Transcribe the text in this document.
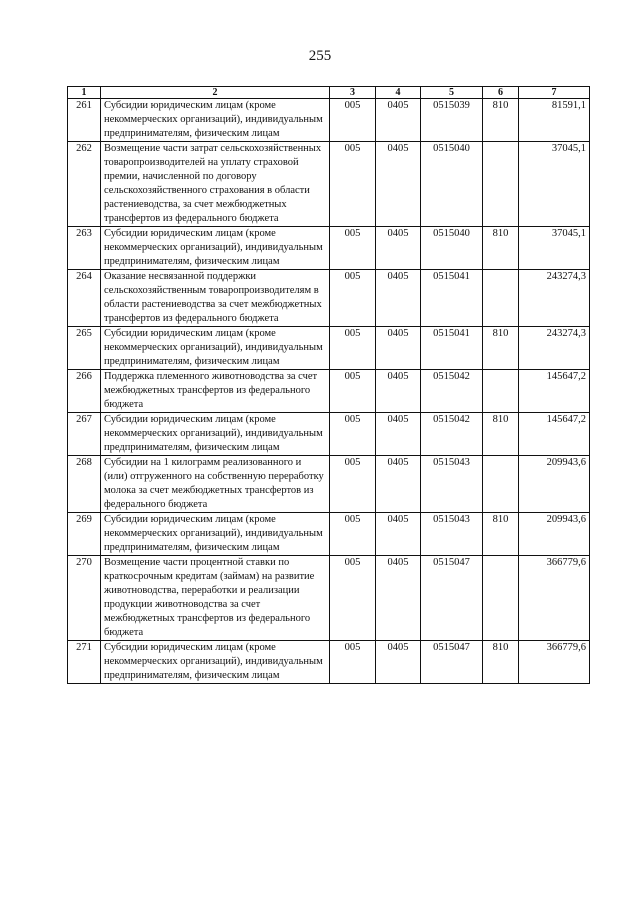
255
1	2	3	4	5	6	7
261	Субсидии юридическим лицам (кроме некоммерческих организаций), индивидуальным предпринимателям, физическим лицам	005	0405	0515039	810	81591,1
262	Возмещение части затрат сельскохозяйственных товаропроизводителей на уплату страховой премии, начисленной по договору сельскохозяйственного страхования в области растениеводства, за счет межбюджетных трансфертов из федерального бюджета	005	0405	0515040		37045,1
263	Субсидии юридическим лицам (кроме некоммерческих организаций), индивидуальным предпринимателям, физическим лицам	005	0405	0515040	810	37045,1
264	Оказание несвязанной поддержки сельскохозяйственным товаропроизводителям в области растениеводства за счет межбюджетных трансфертов из федерального бюджета	005	0405	0515041		243274,3
265	Субсидии юридическим лицам (кроме некоммерческих организаций), индивидуальным предпринимателям, физическим лицам	005	0405	0515041	810	243274,3
266	Поддержка племенного животноводства за счет межбюджетных трансфертов из федерального бюджета	005	0405	0515042		145647,2
267	Субсидии юридическим лицам (кроме некоммерческих организаций), индивидуальным предпринимателям, физическим лицам	005	0405	0515042	810	145647,2
268	Субсидии на 1 килограмм реализованного и (или) отгруженного на собственную переработку молока за счет межбюджетных трансфертов из федерального бюджета	005	0405	0515043		209943,6
269	Субсидии юридическим лицам (кроме некоммерческих организаций), индивидуальным предпринимателям, физическим лицам	005	0405	0515043	810	209943,6
270	Возмещение части процентной ставки по краткосрочным кредитам (займам) на развитие животноводства, переработки и реализации продукции животноводства за счет межбюджетных трансфертов из федерального бюджета	005	0405	0515047		366779,6
271	Субсидии юридическим лицам (кроме некоммерческих организаций), индивидуальным предпринимателям, физическим лицам	005	0405	0515047	810	366779,6
